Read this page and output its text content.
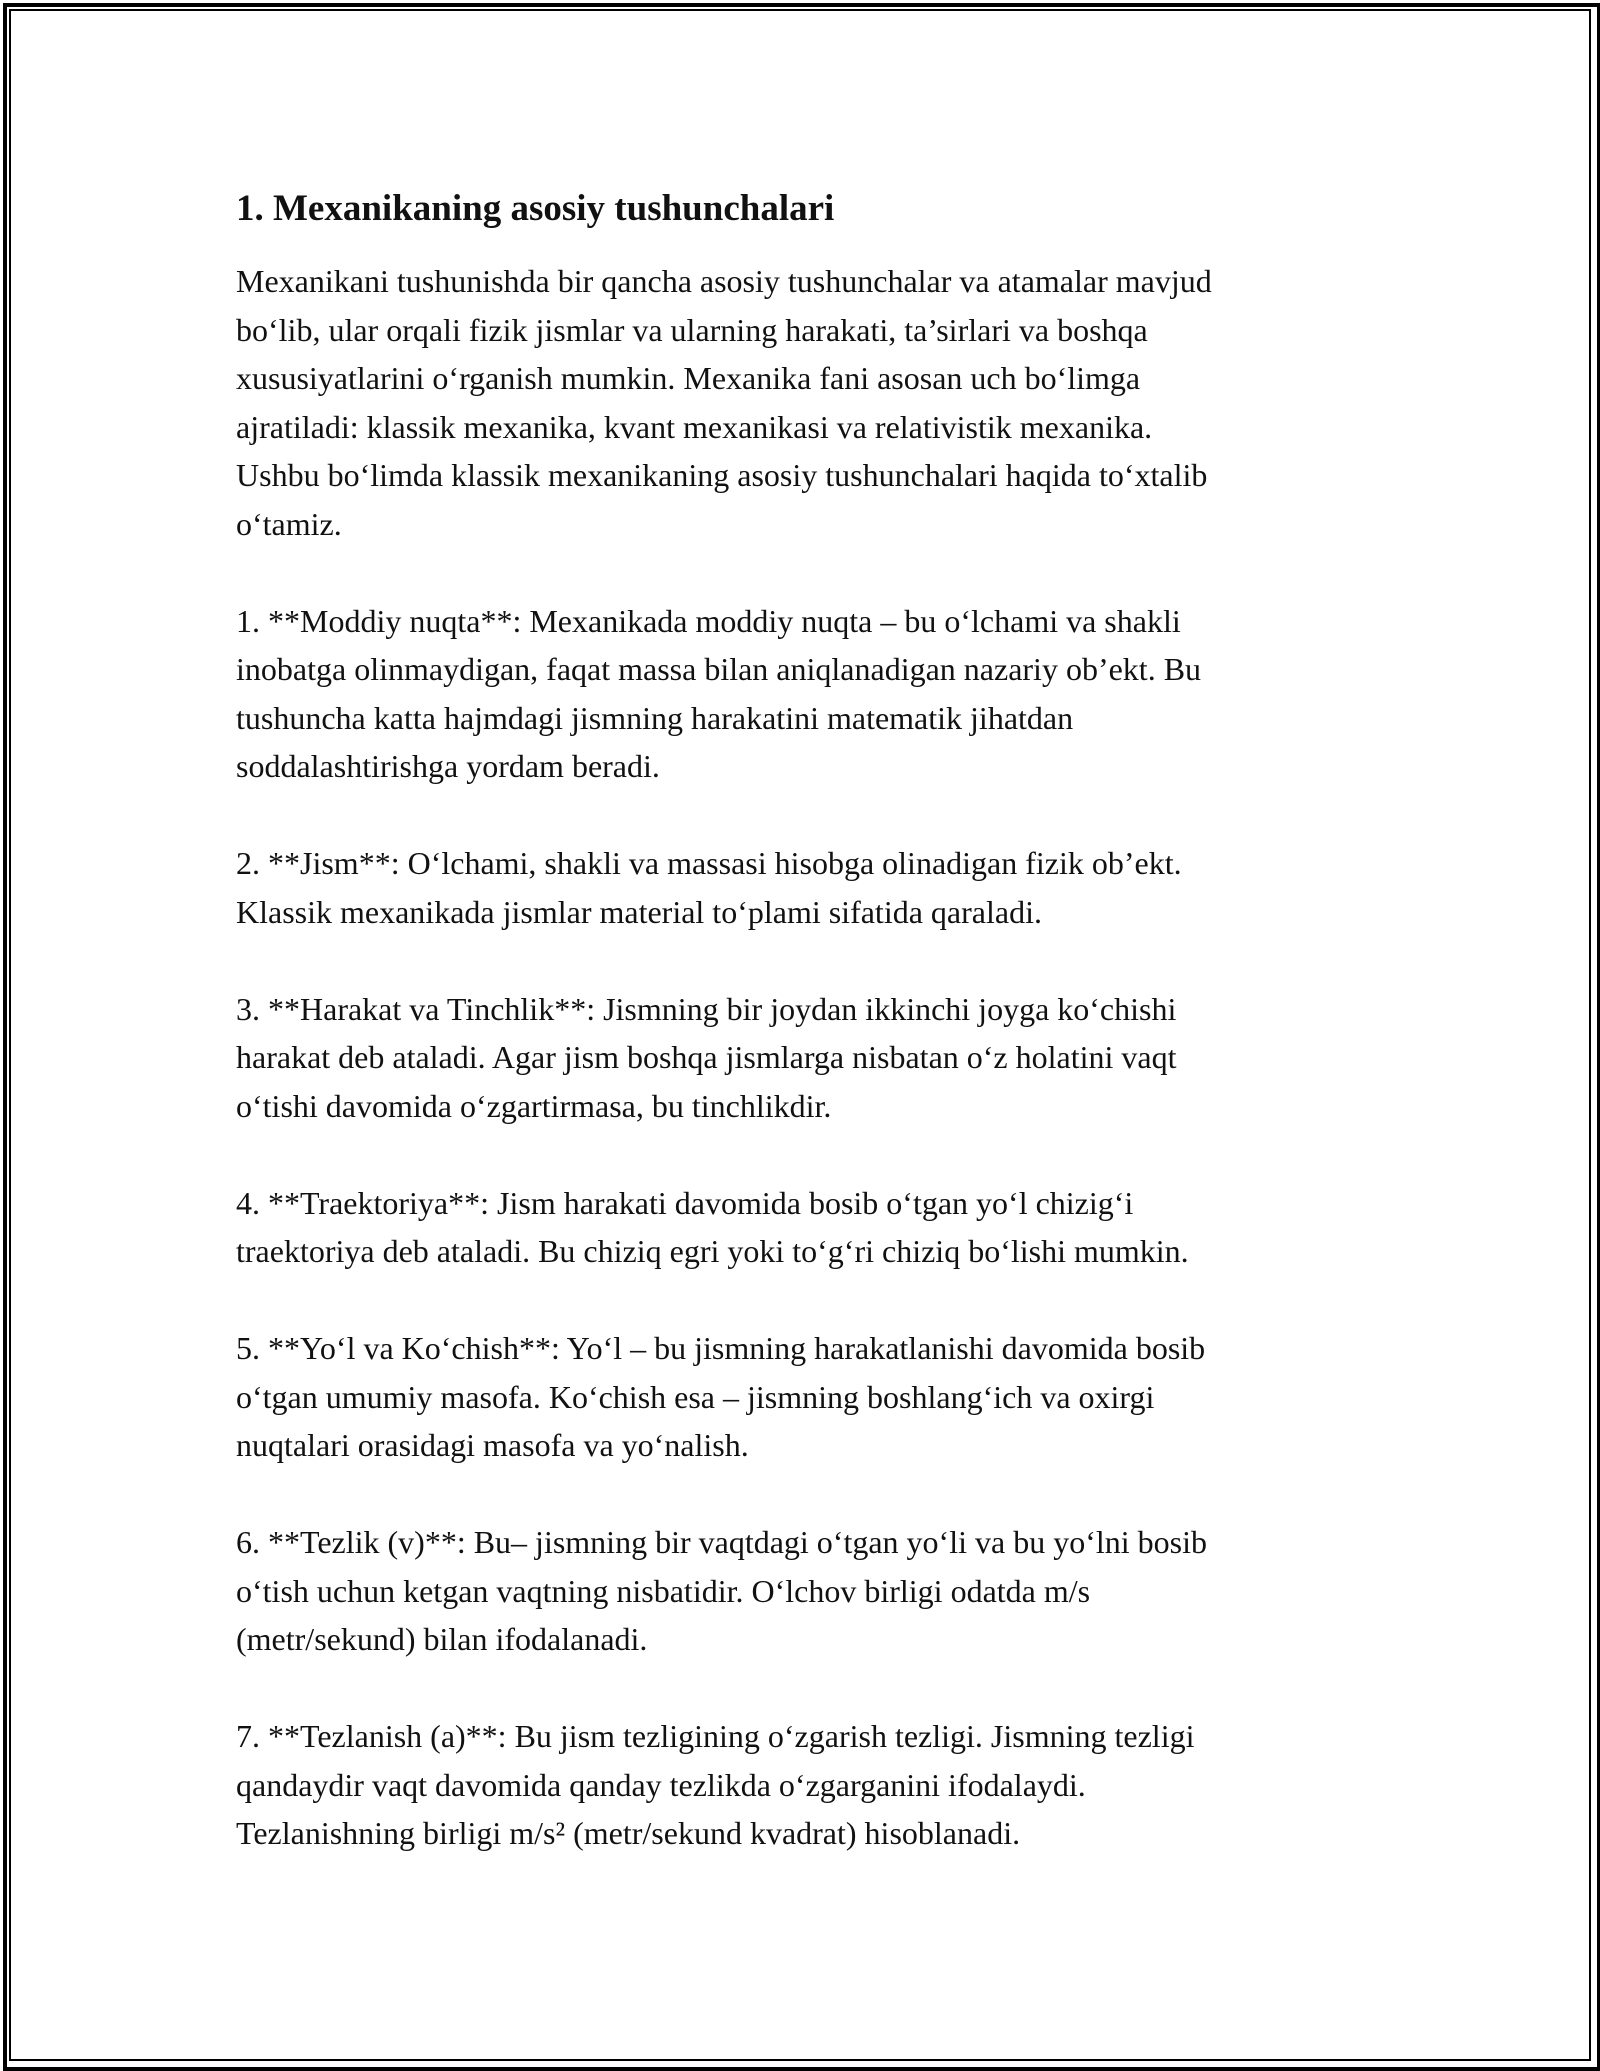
1. Mexanikaning asosiy tushunchalari

Mexanikani tushunishda bir qancha asosiy tushunchalar va atamalar mavjud
bo‘lib, ular orqali fizik jismlar va ularning harakati, ta’sirlari va boshqa
xususiyatlarini o‘rganish mumkin. Mexanika fani asosan uch bo‘limga
ajratiladi: klassik mexanika, kvant mexanikasi va relativistik mexanika.
Ushbu bo‘limda klassik mexanikaning asosiy tushunchalari haqida to‘xtalib
o‘tamiz.

1. **Moddiy nuqta**: Mexanikada moddiy nuqta – bu o‘lchami va shakli
inobatga olinmaydigan, faqat massa bilan aniqlanadigan nazariy ob’ekt. Bu
tushuncha katta hajmdagi jismning harakatini matematik jihatdan
soddalashtirishga yordam beradi.

2. **Jism**: O‘lchami, shakli va massasi hisobga olinadigan fizik ob’ekt.
Klassik mexanikada jismlar material to‘plami sifatida qaraladi.

3. **Harakat va Tinchlik**: Jismning bir joydan ikkinchi joyga ko‘chishi
harakat deb ataladi. Agar jism boshqa jismlarga nisbatan o‘z holatini vaqt
o‘tishi davomida o‘zgartirmasa, bu tinchlikdir.

4. **Traektoriya**: Jism harakati davomida bosib o‘tgan yo‘l chizig‘i
traektoriya deb ataladi. Bu chiziq egri yoki to‘g‘ri chiziq bo‘lishi mumkin.

5. **Yo‘l va Ko‘chish**: Yo‘l – bu jismning harakatlanishi davomida bosib
o‘tgan umumiy masofa. Ko‘chish esa – jismning boshlang‘ich va oxirgi
nuqtalari orasidagi masofa va yo‘nalish.

6. **Tezlik (v)**: Bu– jismning bir vaqtdagi o‘tgan yo‘li va bu yo‘lni bosib
o‘tish uchun ketgan vaqtning nisbatidir. O‘lchov birligi odatda m/s
(metr/sekund) bilan ifodalanadi.

7. **Tezlanish (a)**: Bu jism tezligining o‘zgarish tezligi. Jismning tezligi
qandaydir vaqt davomida qanday tezlikda o‘zgarganini ifodalaydi.
Tezlanishning birligi m/s² (metr/sekund kvadrat) hisoblanadi.
